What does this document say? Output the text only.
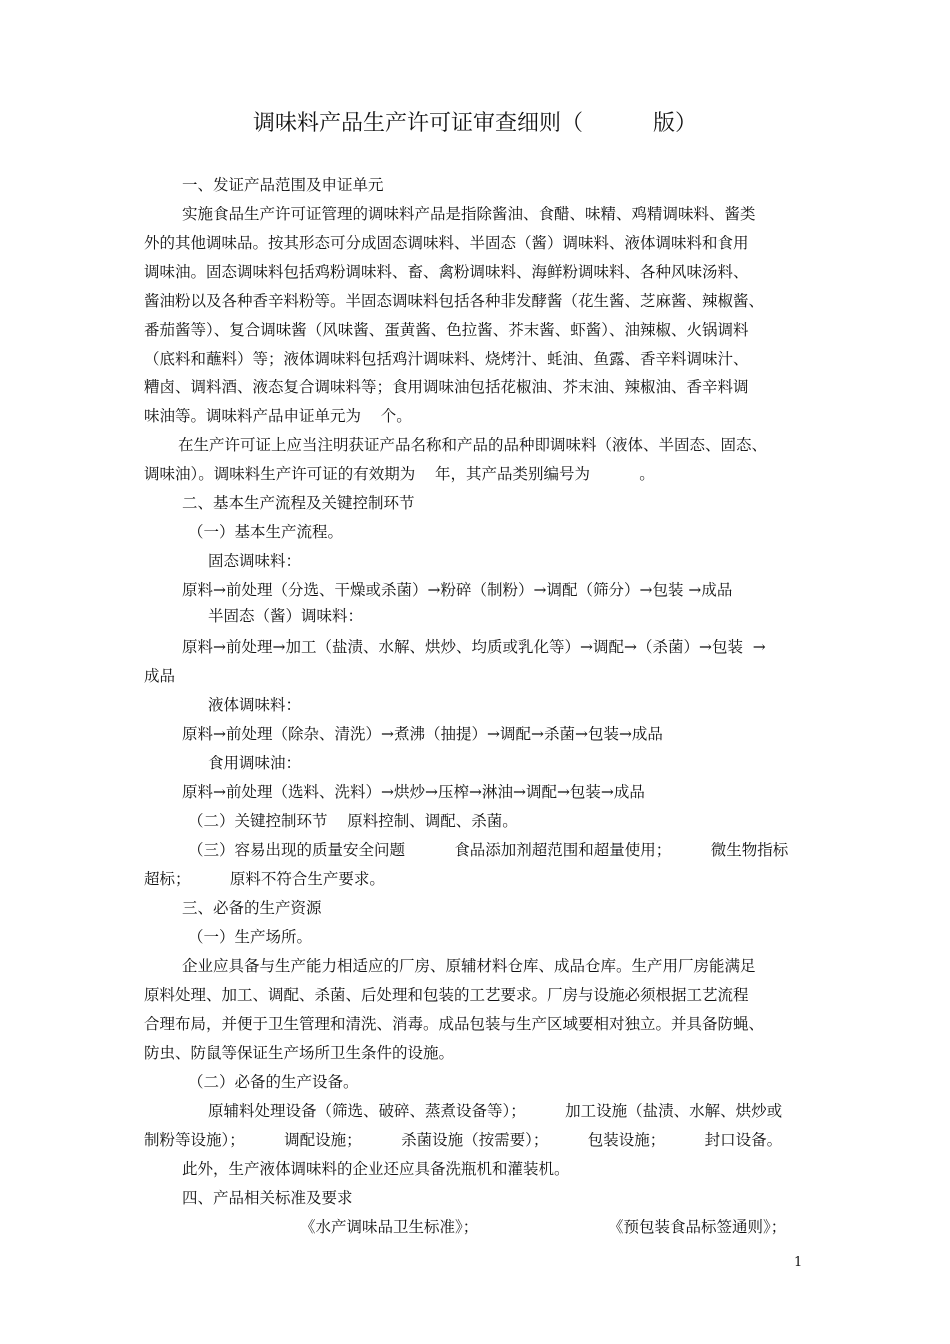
调味料产品生产许可证审查细则（          版）
一、发证产品范围及申证单元
实施食品生产许可证管理的调味料产品是指除酱油、食醋、味精、鸡精调味料、酱类
外的其他调味品。按其形态可分成固态调味料、半固态（酱）调味料、液体调味料和食用
调味油。固态调味料包括鸡粉调味料、畜、禽粉调味料、海鲜粉调味料、各种风味汤料、
酱油粉以及各种香辛料粉等。半固态调味料包括各种非发酵酱（花生酱、芝麻酱、辣椒酱、
番茄酱等）、复合调味酱（风味酱、蛋黄酱、色拉酱、芥末酱、虾酱）、油辣椒、火锅调料
（底料和蘸料）等；液体调味料包括鸡汁调味料、烧烤汁、蚝油、鱼露、香辛料调味汁、
糟卤、调料酒、液态复合调味料等；食用调味油包括花椒油、芥末油、辣椒油、香辛料调
味油等。调味料产品申证单元为    个。
在生产许可证上应当注明获证产品名称和产品的品种即调味料（液体、半固态、固态、
调味油）。调味料生产许可证的有效期为    年，其产品类别编号为          。
二、基本生产流程及关键控制环节
（一）基本生产流程。
固态调味料：
原料→前处理（分选、干燥或杀菌）→粉碎（制粉）→调配（筛分）→包装 →成品
半固态（酱）调味料：
原料→前处理→加工（盐渍、水解、烘炒、均质或乳化等）→调配→（杀菌）→包装  →
成品
液体调味料：
原料→前处理（除杂、清洗）→煮沸（抽提）→调配→杀菌→包装→成品
食用调味油：
原料→前处理（选料、洗料）→烘炒→压榨→淋油→调配→包装→成品
（二）关键控制环节    原料控制、调配、杀菌。
（三）容易出现的质量安全问题          食品添加剂超范围和超量使用；        微生物指标
超标；        原料不符合生产要求。
三、必备的生产资源
（一）生产场所。
企业应具备与生产能力相适应的厂房、原辅材料仓库、成品仓库。生产用厂房能满足
原料处理、加工、调配、杀菌、后处理和包装的工艺要求。厂房与设施必须根据工艺流程
合理布局，并便于卫生管理和清洗、消毒。成品包装与生产区域要相对独立。并具备防蝇、
防虫、防鼠等保证生产场所卫生条件的设施。
（二）必备的生产设备。
原辅料处理设备（筛选、破碎、蒸煮设备等）；        加工设施（盐渍、水解、烘炒或
制粉等设施）；        调配设施；        杀菌设施（按需要）；        包装设施；        封口设备。
此外，生产液体调味料的企业还应具备洗瓶机和灌装机。
四、产品相关标准及要求
《水产调味品卫生标准》；	《预包装食品标签通则》；
1
